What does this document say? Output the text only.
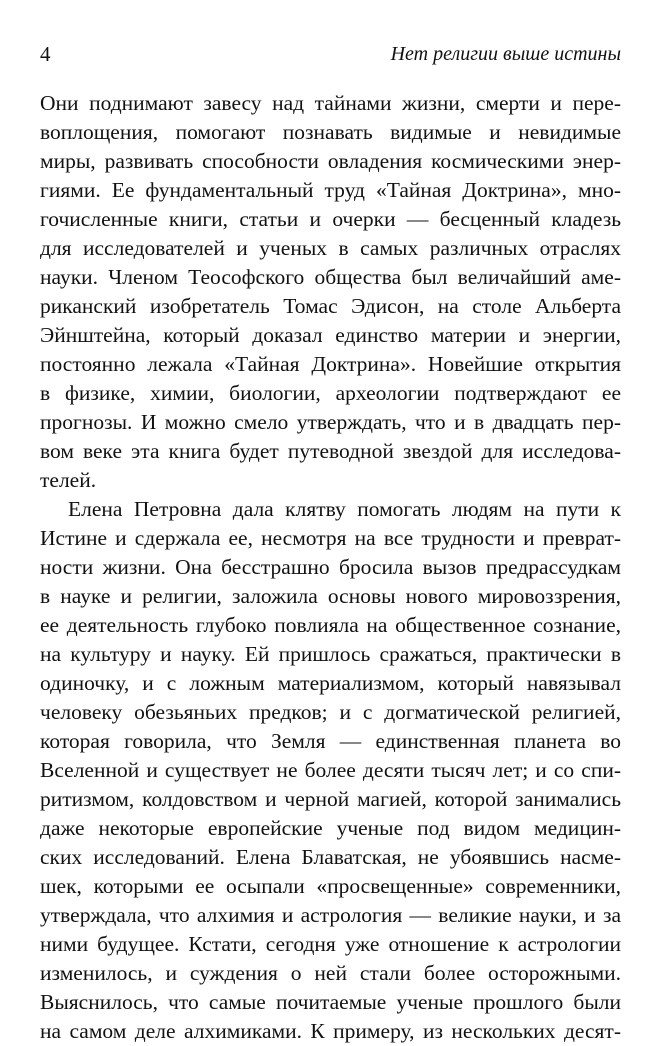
4	Нет религии выше истины
Они поднимают завесу над тайнами жизни, смерти и пере-
воплощения, помогают познавать видимые и невидимые
миры, развивать способности овладения космическими энер-
гиями. Ее фундаментальный труд «Тайная Доктрина», мно-
гочисленные книги, статьи и очерки — бесценный кладезь
для исследователей и ученых в самых различных отраслях
науки. Членом Теософского общества был величайший аме-
риканский изобретатель Томас Эдисон, на столе Альберта
Эйнштейна, который доказал единство материи и энергии,
постоянно лежала «Тайная Доктрина». Новейшие открытия
в физике, химии, биологии, археологии подтверждают ее
прогнозы. И можно смело утверждать, что и в двадцать пер-
вом веке эта книга будет путеводной звездой для исследова-
телей.
Елена Петровна дала клятву помогать людям на пути к
Истине и сдержала ее, несмотря на все трудности и преврат-
ности жизни. Она бесстрашно бросила вызов предрассудкам
в науке и религии, заложила основы нового мировоззрения,
ее деятельность глубоко повлияла на общественное сознание,
на культуру и науку. Ей пришлось сражаться, практически в
одиночку, и с ложным материализмом, который навязывал
человеку обезьяньих предков; и с догматической религией,
которая говорила, что Земля — единственная планета во
Вселенной и существует не более десяти тысяч лет; и со спи-
ритизмом, колдовством и черной магией, которой занимались
даже некоторые европейские ученые под видом медицин-
ских исследований. Елена Блаватская, не убоявшись насме-
шек, которыми ее осыпали «просвещенные» современники,
утверждала, что алхимия и астрология — великие науки, и за
ними будущее. Кстати, сегодня уже отношение к астрологии
изменилось, и суждения о ней стали более осторожными.
Выяснилось, что самые почитаемые ученые прошлого были
на самом деле алхимиками. К примеру, из нескольких десят-
